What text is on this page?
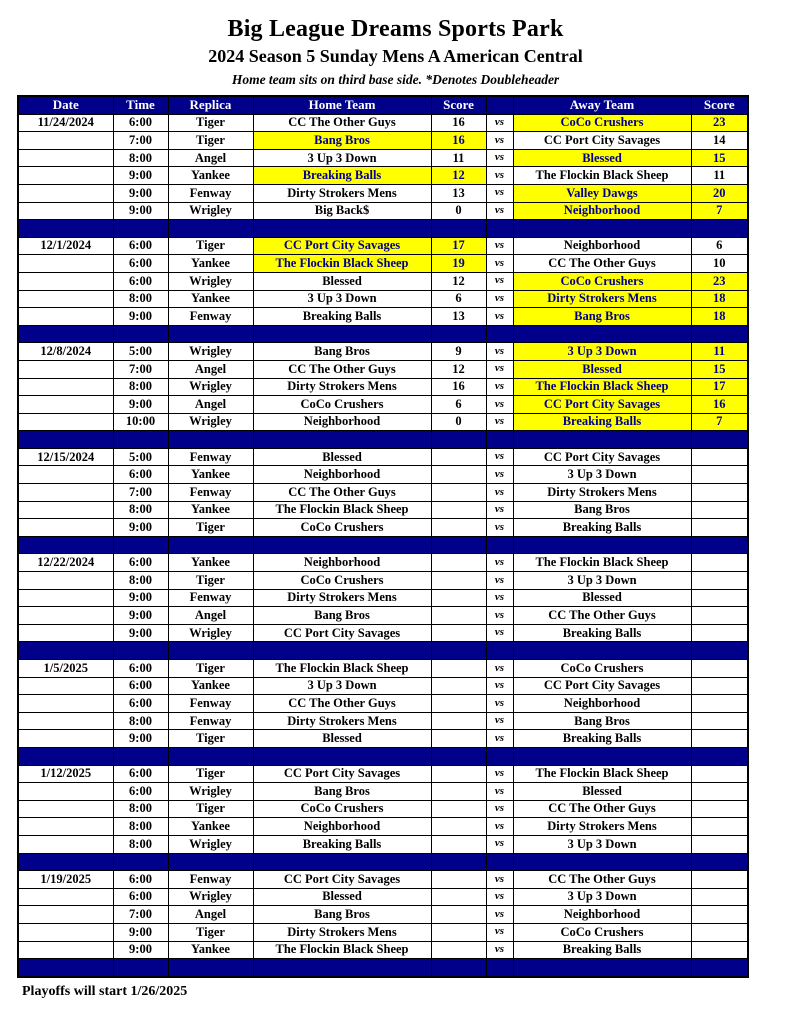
Big League Dreams Sports Park
2024 Season 5 Sunday Mens A American Central
Home team sits on third base side. *Denotes Doubleheader
Date	Time	Replica	Home Team	Score		Away Team	Score
11/24/2024	6:00	Tiger	CC The Other Guys	16	vs	CoCo Crushers	23
	7:00	Tiger	Bang Bros	16	vs	CC Port City Savages	14
	8:00	Angel	3 Up 3 Down	11	vs	Blessed	15
	9:00	Yankee	Breaking Balls	12	vs	The Flockin Black Sheep	11
	9:00	Fenway	Dirty Strokers Mens	13	vs	Valley Dawgs	20
	9:00	Wrigley	Big Back$	0	vs	Neighborhood	7

12/1/2024	6:00	Tiger	CC Port City Savages	17	vs	Neighborhood	6
	6:00	Yankee	The Flockin Black Sheep	19	vs	CC The Other Guys	10
	6:00	Wrigley	Blessed	12	vs	CoCo Crushers	23
	8:00	Yankee	3 Up 3 Down	6	vs	Dirty Strokers Mens	18
	9:00	Fenway	Breaking Balls	13	vs	Bang Bros	18

12/8/2024	5:00	Wrigley	Bang Bros	9	vs	3 Up 3 Down	11
	7:00	Angel	CC The Other Guys	12	vs	Blessed	15
	8:00	Wrigley	Dirty Strokers Mens	16	vs	The Flockin Black Sheep	17
	9:00	Angel	CoCo Crushers	6	vs	CC Port City Savages	16
	10:00	Wrigley	Neighborhood	0	vs	Breaking Balls	7

12/15/2024	5:00	Fenway	Blessed		vs	CC Port City Savages	
	6:00	Yankee	Neighborhood		vs	3 Up 3 Down	
	7:00	Fenway	CC The Other Guys		vs	Dirty Strokers Mens	
	8:00	Yankee	The Flockin Black Sheep		vs	Bang Bros	
	9:00	Tiger	CoCo Crushers		vs	Breaking Balls	

12/22/2024	6:00	Yankee	Neighborhood		vs	The Flockin Black Sheep	
	8:00	Tiger	CoCo Crushers		vs	3 Up 3 Down	
	9:00	Fenway	Dirty Strokers Mens		vs	Blessed	
	9:00	Angel	Bang Bros		vs	CC The Other Guys	
	9:00	Wrigley	CC Port City Savages		vs	Breaking Balls	

1/5/2025	6:00	Tiger	The Flockin Black Sheep		vs	CoCo Crushers	
	6:00	Yankee	3 Up 3 Down		vs	CC Port City Savages	
	6:00	Fenway	CC The Other Guys		vs	Neighborhood	
	8:00	Fenway	Dirty Strokers Mens		vs	Bang Bros	
	9:00	Tiger	Blessed		vs	Breaking Balls	

1/12/2025	6:00	Tiger	CC Port City Savages		vs	The Flockin Black Sheep	
	6:00	Wrigley	Bang Bros		vs	Blessed	
	8:00	Tiger	CoCo Crushers		vs	CC The Other Guys	
	8:00	Yankee	Neighborhood		vs	Dirty Strokers Mens	
	8:00	Wrigley	Breaking Balls		vs	3 Up 3 Down	

1/19/2025	6:00	Fenway	CC Port City Savages		vs	CC The Other Guys	
	6:00	Wrigley	Blessed		vs	3 Up 3 Down	
	7:00	Angel	Bang Bros		vs	Neighborhood	
	9:00	Tiger	Dirty Strokers Mens		vs	CoCo Crushers	
	9:00	Yankee	The Flockin Black Sheep		vs	Breaking Balls	

Playoffs will start 1/26/2025
